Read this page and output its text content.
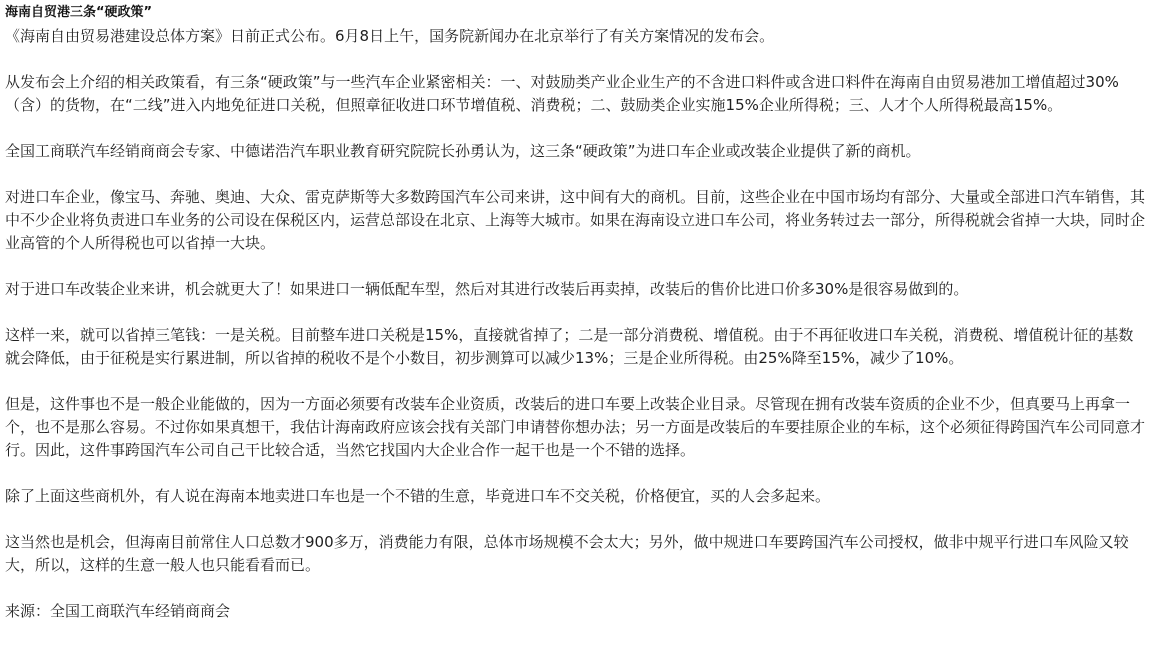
海南自贸港三条“硬政策”

《海南自由贸易港建设总体方案》日前正式公布。6月8日上午，国务院新闻办在北京举行了有关方案情况的发布会。

从发布会上介绍的相关政策看，有三条“硬政策”与一些汽车企业紧密相关：一、对鼓励类产业企业生产的不含进口料件或含进口料件在海南自由贸易港加工增值超过30%（含）的货物，在“二线”进入内地免征进口关税，但照章征收进口环节增值税、消费税；二、鼓励类企业实施15%企业所得税；三、人才个人所得税最高15%。

全国工商联汽车经销商商会专家、中德诺浩汽车职业教育研究院院长孙勇认为，这三条“硬政策”为进口车企业或改装企业提供了新的商机。

对进口车企业，像宝马、奔驰、奥迪、大众、雷克萨斯等大多数跨国汽车公司来讲，这中间有大的商机。目前，这些企业在中国市场均有部分、大量或全部进口汽车销售，其中不少企业将负责进口车业务的公司设在保税区内，运营总部设在北京、上海等大城市。如果在海南设立进口车公司，将业务转过去一部分，所得税就会省掉一大块，同时企业高管的个人所得税也可以省掉一大块。

对于进口车改装企业来讲，机会就更大了！如果进口一辆低配车型，然后对其进行改装后再卖掉，改装后的售价比进口价多30%是很容易做到的。

这样一来，就可以省掉三笔钱：一是关税。目前整车进口关税是15%，直接就省掉了；二是一部分消费税、增值税。由于不再征收进口车关税，消费税、增值税计征的基数就会降低，由于征税是实行累进制，所以省掉的税收不是个小数目，初步测算可以减少13%；三是企业所得税。由25%降至15%，减少了10%。

但是，这件事也不是一般企业能做的，因为一方面必须要有改装车企业资质，改装后的进口车要上改装企业目录。尽管现在拥有改装车资质的企业不少，但真要马上再拿一个，也不是那么容易。不过你如果真想干，我估计海南政府应该会找有关部门申请替你想办法；另一方面是改装后的车要挂原企业的车标，这个必须征得跨国汽车公司同意才行。因此，这件事跨国汽车公司自己干比较合适，当然它找国内大企业合作一起干也是一个不错的选择。

除了上面这些商机外，有人说在海南本地卖进口车也是一个不错的生意，毕竟进口车不交关税，价格便宜，买的人会多起来。

这当然也是机会，但海南目前常住人口总数才900多万，消费能力有限，总体市场规模不会太大；另外，做中规进口车要跨国汽车公司授权，做非中规平行进口车风险又较大，所以，这样的生意一般人也只能看看而已。

来源：全国工商联汽车经销商商会
